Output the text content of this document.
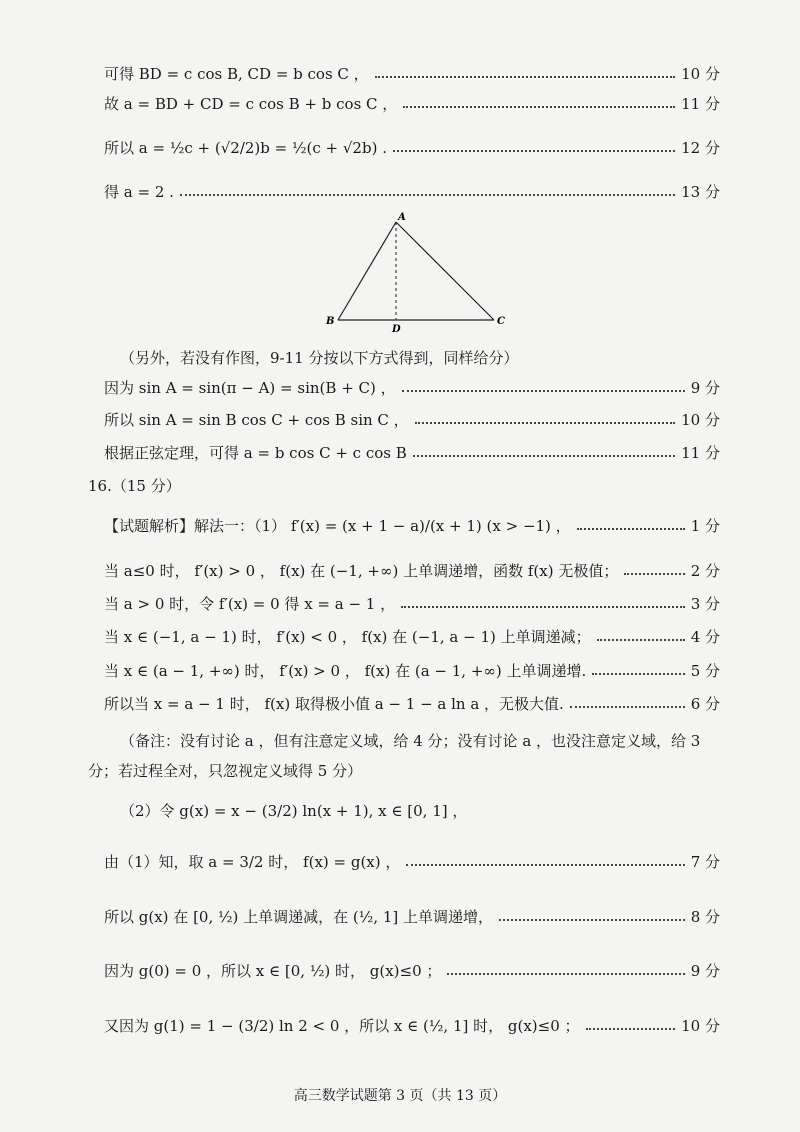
可得 BD = c cos B, CD = b cos C ，	10 分
故 a = BD + CD = c cos B + b cos C ，	11 分
所以 a = ½c + (√2/2)b = ½(c + √2b) .	12 分
得 a = 2 .	13 分
A
B	C
D
（另外，若没有作图，9-11 分按以下方式得到，同样给分）
因为 sin A = sin(π − A) = sin(B + C) ，	9 分
所以 sin A = sin B cos C + cos B sin C ，	10 分
根据正弦定理，可得 a = b cos C + c cos B	11 分
16.（15 分）
【试题解析】解法一：（1） f′(x) = (x + 1 − a)/(x + 1) (x > −1) ，	1 分
当 a≤0 时， f′(x) > 0 ， f(x) 在 (−1, +∞) 上单调递增，函数 f(x) 无极值；	2 分
当 a > 0 时，令 f′(x) = 0 得 x = a − 1 ，	3 分
当 x ∈ (−1, a − 1) 时， f′(x) < 0 ， f(x) 在 (−1, a − 1) 上单调递减；	4 分
当 x ∈ (a − 1, +∞) 时， f′(x) > 0 ， f(x) 在 (a − 1, +∞) 上单调递增.	5 分
所以当 x = a − 1 时， f(x) 取得极小值 a − 1 − a ln a ，无极大值.	6 分
（备注：没有讨论 a ，但有注意定义域，给 4 分；没有讨论 a ，也没注意定义域，给 3
分；若过程全对，只忽视定义域得 5 分）
（2）令 g(x) = x − (3/2) ln(x + 1), x ∈ [0, 1] ，
由（1）知，取 a = 3/2 时， f(x) = g(x) ，	7 分
所以 g(x) 在 [0, ½) 上单调递减，在 (½, 1] 上单调递增，	8 分
因为 g(0) = 0 ，所以 x ∈ [0, ½) 时， g(x)≤0 ；	9 分
又因为 g(1) = 1 − (3/2) ln 2 < 0 ，所以 x ∈ (½, 1] 时， g(x)≤0 ；	10 分
高三数学试题第 3 页（共 13 页）
